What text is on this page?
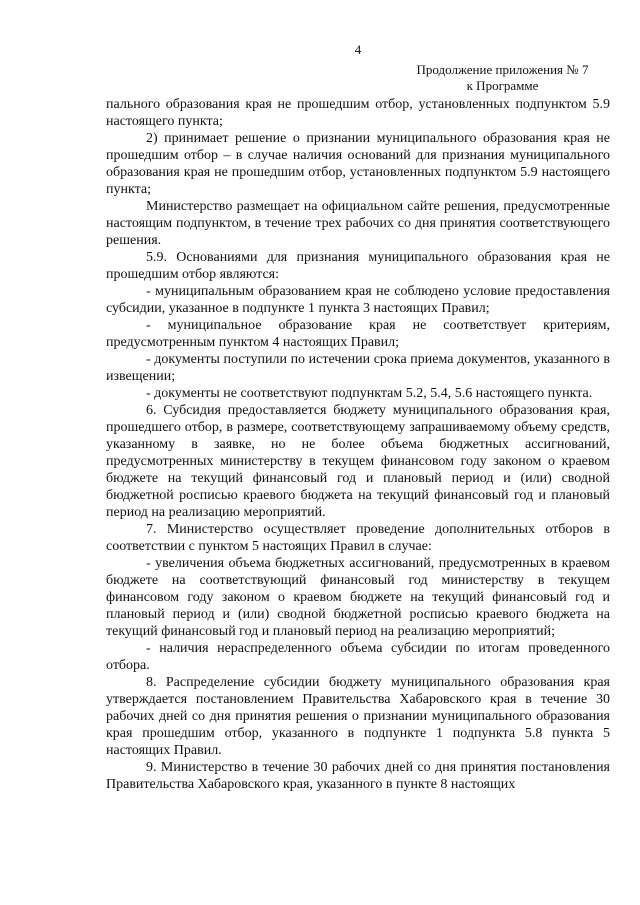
4
Продолжение приложения № 7
к Программе

пального образования края не прошедшим отбор, установленных подпунктом 5.9 настоящего пункта;

2) принимает решение о признании муниципального образования края не прошедшим отбор – в случае наличия оснований для признания муниципального образования края не прошедшим отбор, установленных подпунктом 5.9 настоящего пункта;

Министерство размещает на официальном сайте решения, предусмотренные настоящим подпунктом, в течение трех рабочих со дня принятия соответствующего решения.

5.9. Основаниями для признания муниципального образования края не прошедшим отбор являются:

- муниципальным образованием края не соблюдено условие предоставления субсидии, указанное в подпункте 1 пункта 3 настоящих Правил;

- муниципальное образование края не соответствует критериям, предусмотренным пунктом 4 настоящих Правил;

- документы поступили по истечении срока приема документов, указанного в извещении;

- документы не соответствуют подпунктам 5.2, 5.4, 5.6 настоящего пункта.

6. Субсидия предоставляется бюджету муниципального образования края, прошедшего отбор, в размере, соответствующему запрашиваемому объему средств, указанному в заявке, но не более объема бюджетных ассигнований, предусмотренных министерству в текущем финансовом году законом о краевом бюджете на текущий финансовый год и плановый период и (или) сводной бюджетной росписью краевого бюджета на текущий финансовый год и плановый период на реализацию мероприятий.

7. Министерство осуществляет проведение дополнительных отборов в соответствии с пунктом 5 настоящих Правил в случае:

- увеличения объема бюджетных ассигнований, предусмотренных в краевом бюджете на соответствующий финансовый год министерству в текущем финансовом году законом о краевом бюджете на текущий финансовый год и плановый период и (или) сводной бюджетной росписью краевого бюджета на текущий финансовый год и плановый период на реализацию мероприятий;

- наличия нераспределенного объема субсидии по итогам проведенного отбора.

8. Распределение субсидии бюджету муниципального образования края утверждается постановлением Правительства Хабаровского края в течение 30 рабочих дней со дня принятия решения о признании муниципального образования края прошедшим отбор, указанного в подпункте 1 подпункта 5.8 пункта 5 настоящих Правил.

9. Министерство в течение 30 рабочих дней со дня принятия постановления Правительства Хабаровского края, указанного в пункте 8 настоящих
